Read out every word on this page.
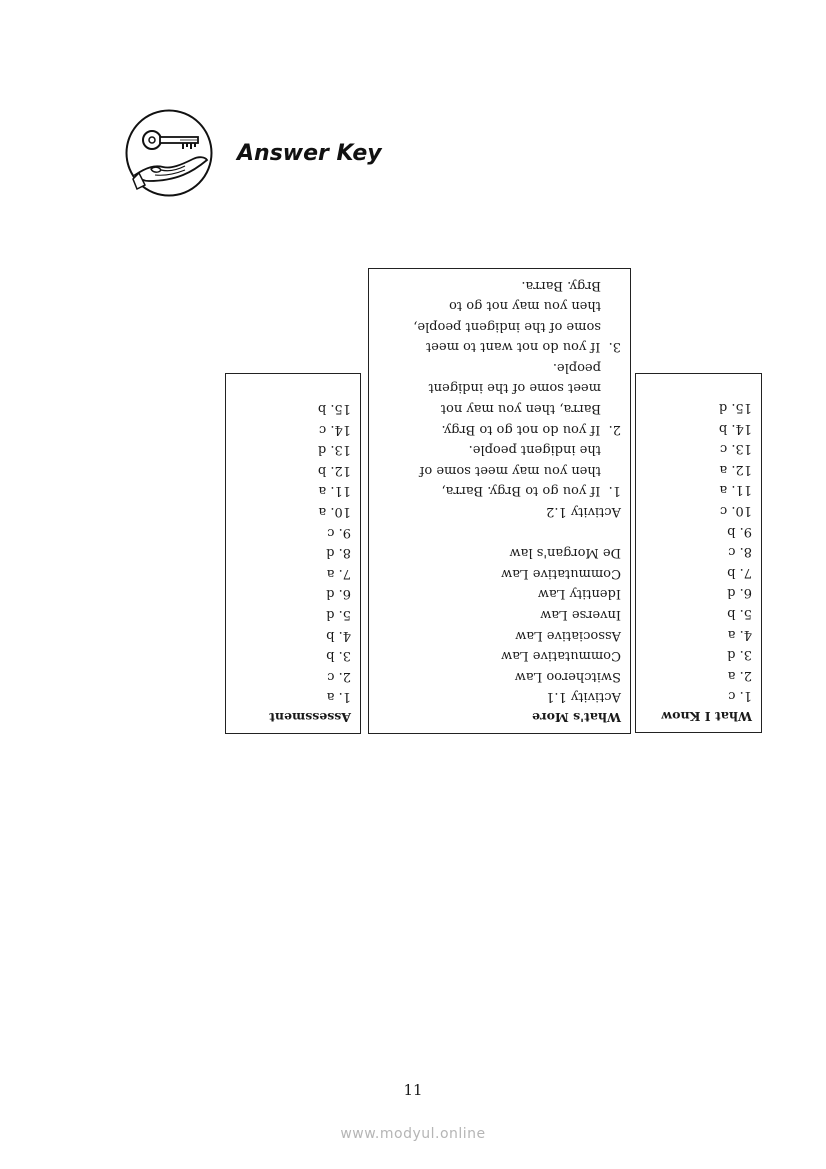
Answer Key
What I Know
1. c
2. a
3. d
4. a
5. b
6. d
7. b
8. c
9. b
10. c
11. a
12. a
13. c
14. b
15. d
What's More
Activity 1.1
Switcheroo Law
Commutative Law
Associative Law
Inverse Law
Identity Law
Commutative Law
De Morgan's law
Activity 1.2
1.  If you go to Brgy. Barra,
then you may meet some of
the indigent people.
2.  If you do not go to Brgy.
Barra, then you may not
meet some of the indigent
people.
3.  If you do not want to meet
some of the indigent people,
then you may not go to
Brgy. Barra.
Assessment
1. a
2. c
3. b
4. b
5. d
6. d
7. a
8. d
9. c
10. a
11. a
12. b
13. d
14. c
15. b
11
www.modyul.online
